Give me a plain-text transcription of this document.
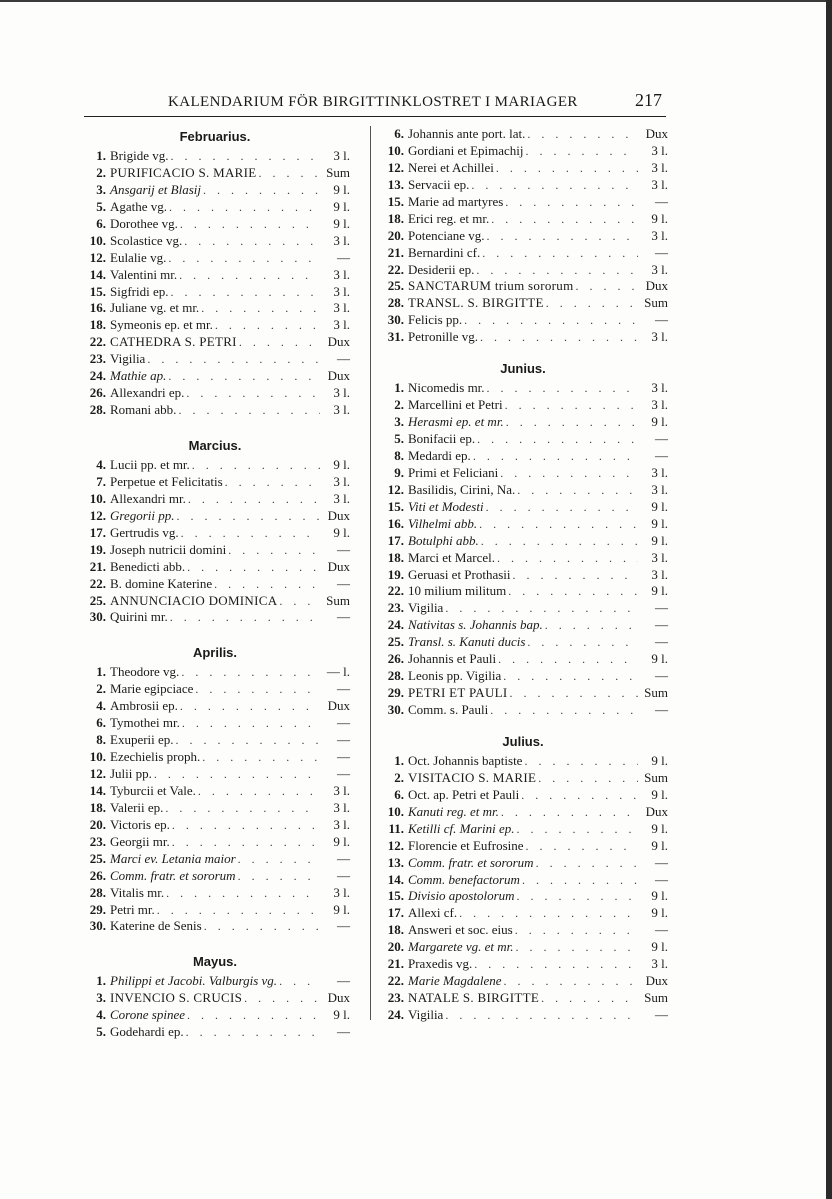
KALENDARIUM FÖR BIRGITTINKLOSTRET I MARIAGER	217
Februarius.
1. Brigide vg. . . .	3 l.
2. PURIFICACIO S. MARIE . . .	Sum
3. Ansgarij et Blasij . . .	9 l.
5. Agathe vg. . . .	9 l.
6. Dorothee vg. . . .	9 l.
10. Scolastice vg. . . .	3 l.
12. Eulalie vg. . . .	—
14. Valentini mr. . . .	3 l.
15. Sigfridi ep. . . .	3 l.
16. Juliane vg. et mr. . . .	3 l.
18. Symeonis ep. et mr. . . .	3 l.
22. CATHEDRA S. PETRI . . .	Dux
23. Vigilia . . .	—
24. Mathie ap. . . .	Dux
26. Allexandri ep. . . .	3 l.
28. Romani abb. . . .	3 l.
Marcius.
4. Lucii pp. et mr. . . .	9 l.
7. Perpetue et Felicitatis . . .	3 l.
10. Allexandri mr. . . .	3 l.
12. Gregorii pp. . . .	Dux
17. Gertrudis vg. . . .	9 l.
19. Joseph nutricii domini . . .	—
21. Benedicti abb. . . .	Dux
22. B. domine Katerine . . .	—
25. ANNUNCIACIO DOMINICA . . .	Sum
30. Quirini mr. . . .	—
Aprilis.
1. Theodore vg. . . .	— l.
2. Marie egipciace . . .	—
4. Ambrosii ep. . . .	Dux
6. Tymothei mr. . . .	—
8. Exuperii ep. . . .	—
10. Ezechielis proph. . . .	—
12. Julii pp. . . .	—
14. Tyburcii et Vale. . . .	3 l.
18. Valerii ep. . . .	3 l.
20. Victoris ep. . . .	3 l.
23. Georgii mr. . . .	9 l.
25. Marci ev. Letania maior . . .	—
26. Comm. fratr. et sororum . . .	—
28. Vitalis mr. . . .	3 l.
29. Petri mr. . . .	9 l.
30. Katerine de Senis . . .	—
Mayus.
1. Philippi et Jacobi. Valburgis vg. . . .	—
3. INVENCIO S. CRUCIS . . .	Dux
4. Corone spinee . . .	9 l.
5. Godehardi ep. . . .	—
6. Johannis ante port. lat. . . .	Dux
10. Gordiani et Epimachij . . .	3 l.
12. Nerei et Achillei . . .	3 l.
13. Servacii ep. . . .	3 l.
15. Marie ad martyres . . .	—
18. Erici reg. et mr. . . .	9 l.
20. Potenciane vg. . . .	3 l.
21. Bernardini cf. . . .	—
22. Desiderii ep. . . .	3 l.
25. SANCTARUM trium sororum . . .	Dux
28. TRANSL. S. BIRGITTE . . .	Sum
30. Felicis pp. . . .	—
31. Petronille vg. . . .	3 l.
Junius.
1. Nicomedis mr. . . .	3 l.
2. Marcellini et Petri . . .	3 l.
3. Herasmi ep. et mr. . . .	9 l.
5. Bonifacii ep. . . .	—
8. Medardi ep. . . .	—
9. Primi et Feliciani . . .	3 l.
12. Basilidis, Cirini, Na. . . .	3 l.
15. Viti et Modesti . . .	9 l.
16. Vilhelmi abb. . . .	9 l.
17. Botulphi abb. . . .	9 l.
18. Marci et Marcel. . . .	3 l.
19. Geruasi et Prothasii . . .	3 l.
22. 10 milium militum . . .	9 l.
23. Vigilia . . .	—
24. Nativitas s. Johannis bap. . . .	—
25. Transl. s. Kanuti ducis . . .	—
26. Johannis et Pauli . . .	9 l.
28. Leonis pp. Vigilia . . .	—
29. PETRI ET PAULI . . .	Sum
30. Comm. s. Pauli . . .	—
Julius.
1. Oct. Johannis baptiste . . .	9 l.
2. VISITACIO S. MARIE . . .	Sum
6. Oct. ap. Petri et Pauli . . .	9 l.
10. Kanuti reg. et mr. . . .	Dux
11. Ketilli cf. Marini ep. . . .	9 l.
12. Florencie et Eufrosine . . .	9 l.
13. Comm. fratr. et sororum . . .	—
14. Comm. benefactorum . . .	—
15. Divisio apostolorum . . .	9 l.
17. Allexi cf. . . .	9 l.
18. Answeri et soc. eius . . .	—
20. Margarete vg. et mr. . . .	9 l.
21. Praxedis vg. . . .	3 l.
22. Marie Magdalene . . .	Dux
23. NATALE S. BIRGITTE . . .	Sum
24. Vigilia . . .	—
